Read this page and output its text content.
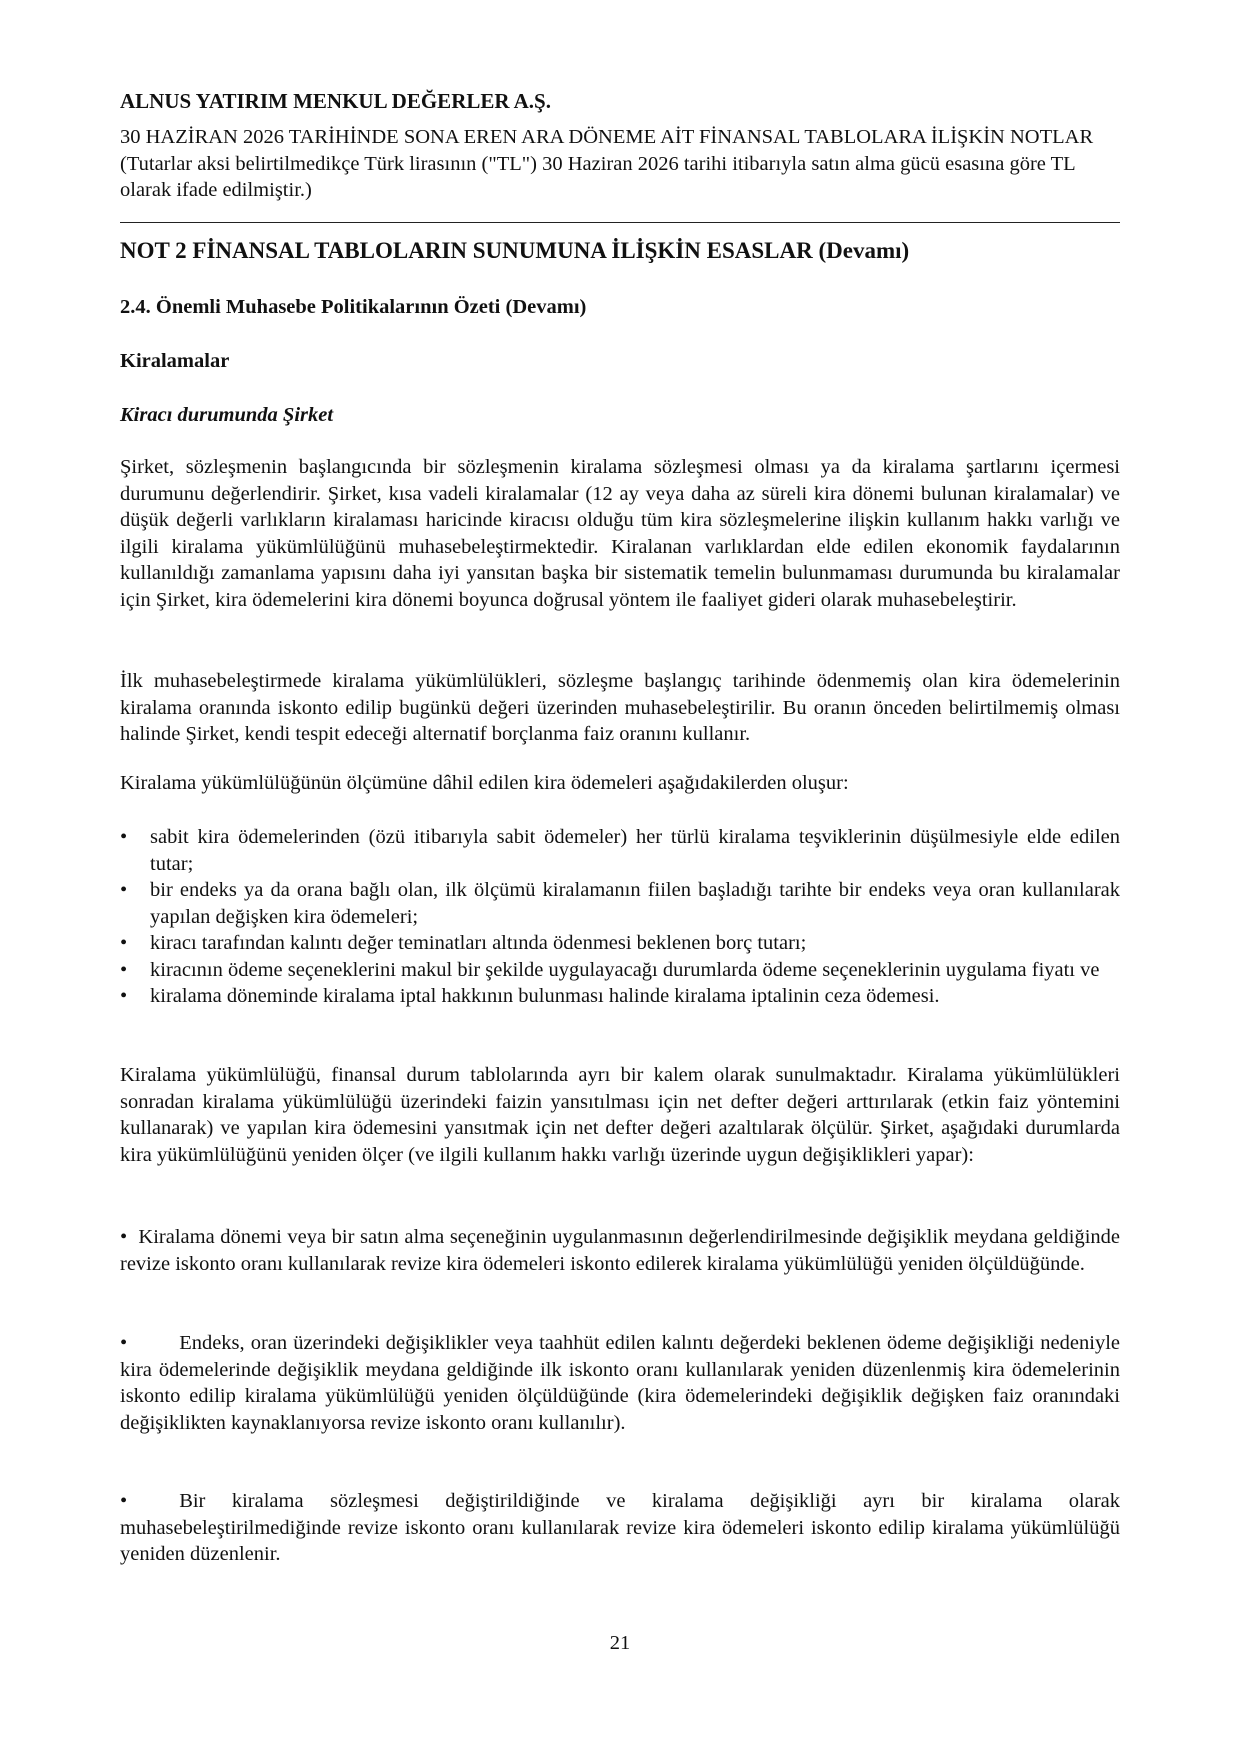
ALNUS YATIRIM MENKUL DEĞERLER A.Ş.

30 HAZİRAN 2026 TARİHİNDE SONA EREN ARA DÖNEME AİT FİNANSAL TABLOLARA İLİŞKİN NOTLAR

(Tutarlar aksi belirtilmedikçe Türk lirasının ("TL") 30 Haziran 2026 tarihi itibarıyla satın alma gücü esasına göre TL olarak ifade edilmiştir.)

NOT 2 FİNANSAL TABLOLARIN SUNUMUNA İLİŞKİN ESASLAR (Devamı)
2.4. Önemli Muhasebe Politikalarının Özeti (Devamı)
Kiralamalar
Kiracı durumunda Şirket

Şirket, sözleşmenin başlangıcında bir sözleşmenin kiralama sözleşmesi olması ya da kiralama şartlarını içermesi durumunu değerlendirir. Şirket, kısa vadeli kiralamalar (12 ay veya daha az süreli kira dönemi bulunan kiralamalar) ve düşük değerli varlıkların kiralaması haricinde kiracısı olduğu tüm kira sözleşmelerine ilişkin kullanım hakkı varlığı ve ilgili kiralama yükümlülüğünü muhasebeleştirmektedir. Kiralanan varlıklardan elde edilen ekonomik faydalarının kullanıldığı zamanlama yapısını daha iyi yansıtan başka bir sistematik temelin bulunmaması durumunda bu kiralamalar için Şirket, kira ödemelerini kira dönemi boyunca doğrusal yöntem ile faaliyet gideri olarak muhasebeleştirir.

İlk muhasebeleştirmede kiralama yükümlülükleri, sözleşme başlangıç tarihinde ödenmemiş olan kira ödemelerinin kiralama oranında iskonto edilip bugünkü değeri üzerinden muhasebeleştirilir. Bu oranın önceden belirtilmemiş olması halinde Şirket, kendi tespit edeceği alternatif borçlanma faiz oranını kullanır.

Kiralama yükümlülüğünün ölçümüne dâhil edilen kira ödemeleri aşağıdakilerden oluşur:

•	sabit kira ödemelerinden (özü itibarıyla sabit ödemeler) her türlü kiralama teşviklerinin düşülmesiyle elde edilen tutar;
•	bir endeks ya da orana bağlı olan, ilk ölçümü kiralamanın fiilen başladığı tarihte bir endeks veya oran kullanılarak yapılan değişken kira ödemeleri;
•	kiracı tarafından kalıntı değer teminatları altında ödenmesi beklenen borç tutarı;
•	kiracının ödeme seçeneklerini makul bir şekilde uygulayacağı durumlarda ödeme seçeneklerinin uygulama fiyatı ve
•	kiralama döneminde kiralama iptal hakkının bulunması halinde kiralama iptalinin ceza ödemesi.

Kiralama yükümlülüğü, finansal durum tablolarında ayrı bir kalem olarak sunulmaktadır. Kiralama yükümlülükleri sonradan kiralama yükümlülüğü üzerindeki faizin yansıtılması için net defter değeri arttırılarak (etkin faiz yöntemini kullanarak) ve yapılan kira ödemesini yansıtmak için net defter değeri azaltılarak ölçülür. Şirket, aşağıdaki durumlarda kira yükümlülüğünü yeniden ölçer (ve ilgili kullanım hakkı varlığı üzerinde uygun değişiklikleri yapar):

• Kiralama dönemi veya bir satın alma seçeneğinin uygulanmasının değerlendirilmesinde değişiklik meydana geldiğinde revize iskonto oranı kullanılarak revize kira ödemeleri iskonto edilerek kiralama yükümlülüğü yeniden ölçüldüğünde.

•	Endeks, oran üzerindeki değişiklikler veya taahhüt edilen kalıntı değerdeki beklenen ödeme değişikliği nedeniyle kira ödemelerinde değişiklik meydana geldiğinde ilk iskonto oranı kullanılarak yeniden düzenlenmiş kira ödemelerinin iskonto edilip kiralama yükümlülüğü yeniden ölçüldüğünde (kira ödemelerindeki değişiklik değişken faiz oranındaki değişiklikten kaynaklanıyorsa revize iskonto oranı kullanılır).

•	Bir kiralama sözleşmesi değiştirildiğinde ve kiralama değişikliği ayrı bir kiralama olarak muhasebeleştirilmediğinde revize iskonto oranı kullanılarak revize kira ödemeleri iskonto edilip kiralama yükümlülüğü yeniden düzenlenir.

21
